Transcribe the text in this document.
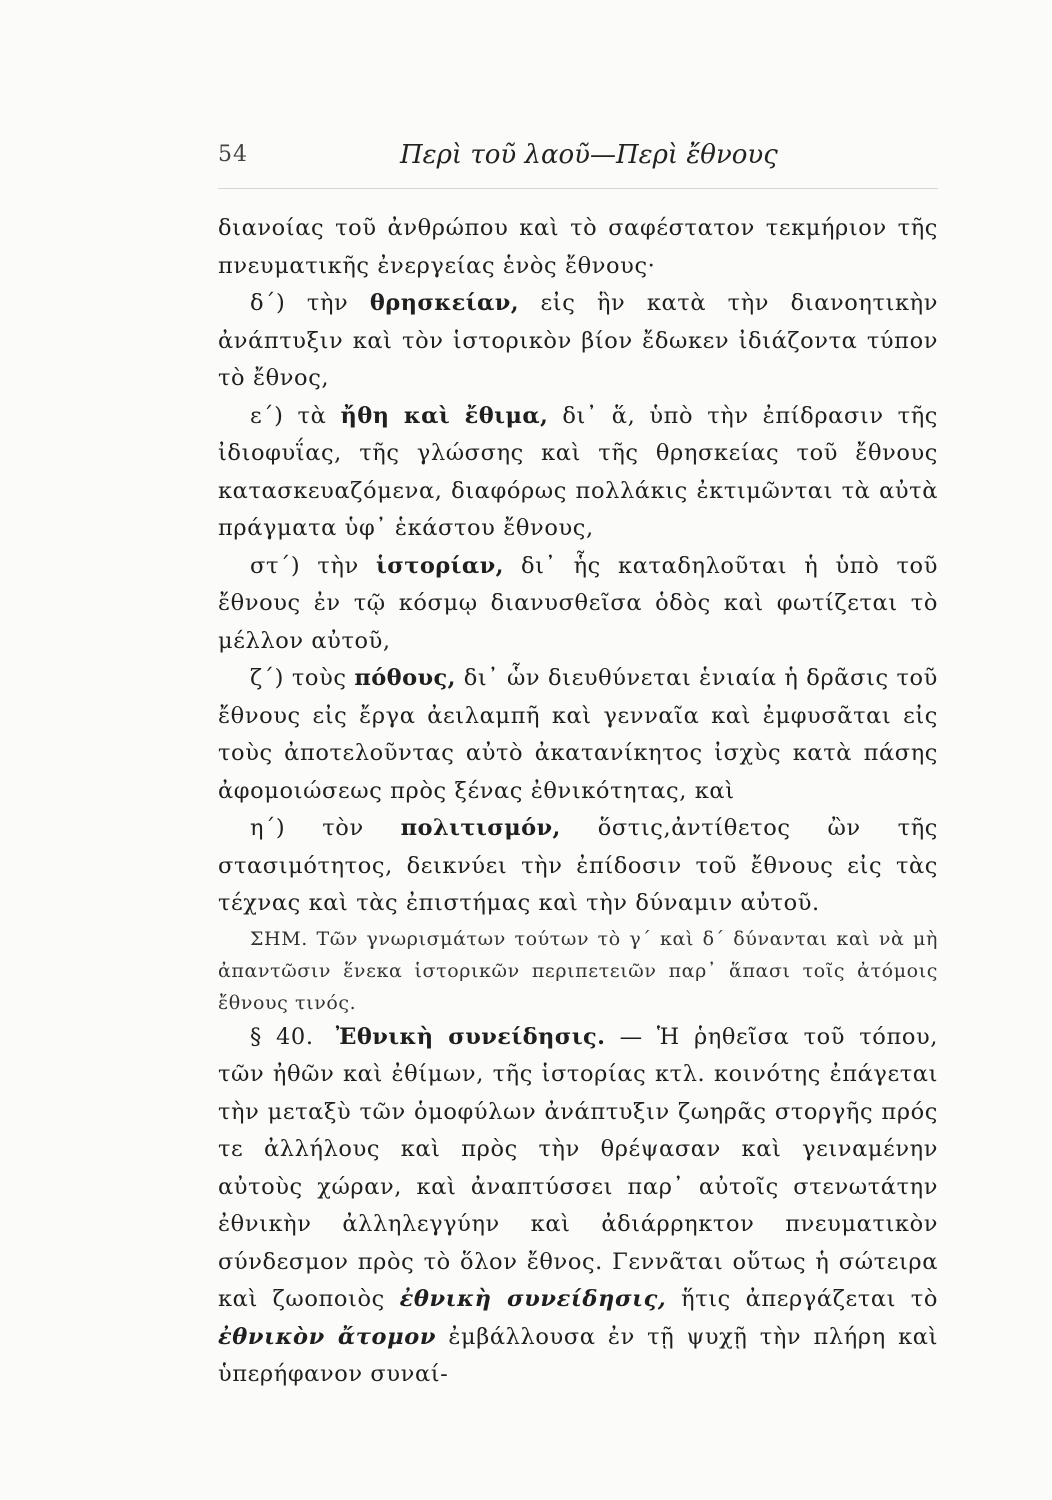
54	Περὶ τοῦ λαοῦ—Περὶ ἔθνους

διανοίας τοῦ ἀνθρώπου καὶ τὸ σαφέστατον τεκμήριον τῆς πνευματικῆς ἐνεργείας ἑνὸς ἔθνους·

δ´) τὴν θρησκείαν, εἰς ἣν κατὰ τὴν διανοητικὴν ἀνάπτυξιν καὶ τὸν ἱστορικὸν βίον ἔδωκεν ἰδιάζοντα τύπον τὸ ἔθνος,

ε´) τὰ ἤθη καὶ ἔθιμα, δι᾽ ἅ, ὑπὸ τὴν ἐπίδρασιν τῆς ἰδιοφυΐας, τῆς γλώσσης καὶ τῆς θρησκείας τοῦ ἔθνους κατασκευαζόμενα, διαφόρως πολλάκις ἐκτιμῶνται τὰ αὐτὰ πράγματα ὑφ᾽ ἑκάστου ἔθνους,

στ´) τὴν ἱστορίαν, δι᾽ ἧς καταδηλοῦται ἡ ὑπὸ τοῦ ἔθνους ἐν τῷ κόσμῳ διανυσθεῖσα ὁδὸς καὶ φωτίζεται τὸ μέλλον αὐτοῦ,

ζ´) τοὺς πόθους, δι᾽ ὧν διευθύνεται ἑνιαία ἡ δρᾶσις τοῦ ἔθνους εἰς ἔργα ἀειλαμπῆ καὶ γενναῖα καὶ ἐμφυσᾶται εἰς τοὺς ἀποτελοῦντας αὐτὸ ἀκατανίκητος ἰσχὺς κατὰ πάσης ἀφομοιώσεως πρὸς ξένας ἐθνικότητας, καὶ

η´) τὸν πολιτισμόν, ὅστις,ἀντίθετος ὢν τῆς στασιμότητος, δεικνύει τὴν ἐπίδοσιν τοῦ ἔθνους εἰς τὰς τέχνας καὶ τὰς ἐπιστήμας καὶ τὴν δύναμιν αὐτοῦ.

ΣΗΜ. Τῶν γνωρισμάτων τούτων τὸ γ´ καὶ δ´ δύνανται καὶ νὰ μὴ ἀπαντῶσιν ἕνεκα ἱστορικῶν περιπετειῶν παρ᾽ ἅπασι τοῖς ἀτόμοις ἔθνους τινός.

§ 40. Ἐθνικὴ συνείδησις. — Ἡ ῥηθεῖσα τοῦ τόπου, τῶν ἠθῶν καὶ ἐθίμων, τῆς ἱστορίας κτλ. κοινότης ἐπάγεται τὴν μεταξὺ τῶν ὁμοφύλων ἀνάπτυξιν ζωηρᾶς στοργῆς πρός τε ἀλλήλους καὶ πρὸς τὴν θρέψασαν καὶ γειναμένην αὐτοὺς χώραν, καὶ ἀναπτύσσει παρ᾽ αὐτοῖς στενωτάτην ἐθνικὴν ἀλληλεγγύην καὶ ἀδιάρρηκτον πνευματικὸν σύνδεσμον πρὸς τὸ ὅλον ἔθνος. Γεννᾶται οὕτως ἡ σώτειρα καὶ ζωοποιὸς ἐθνικὴ συνείδησις, ἥτις ἀπεργάζεται τὸ ἐθνικὸν ἄτομον ἐμβάλλουσα ἐν τῇ ψυχῇ τὴν πλήρη καὶ ὑπερήφανον συναί-
